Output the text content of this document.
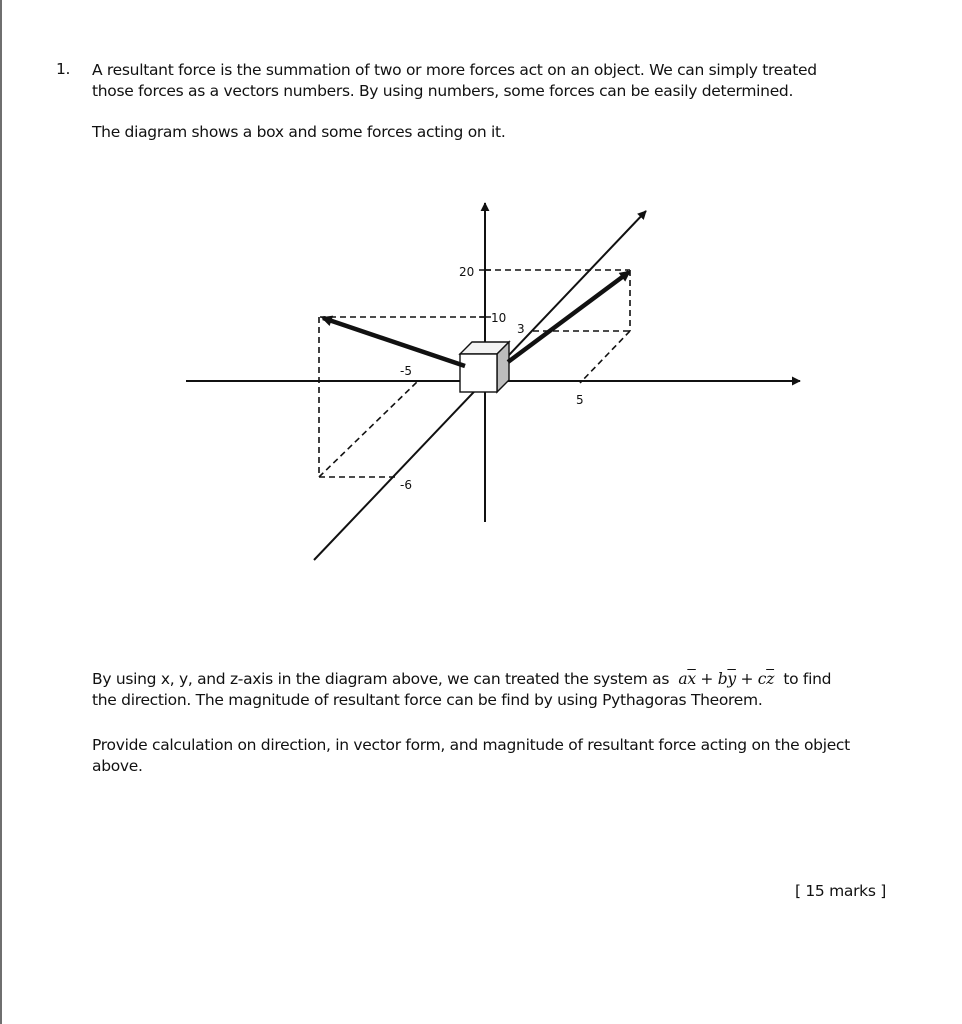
1. A resultant force is the summation of two or more forces act on an object. We can simply treated
those forces as a vectors numbers. By using numbers, some forces can be easily determined.

The diagram shows a box and some forces acting on it.

20
10
3
-5
5
-6

By using x, y, and z-axis in the diagram above, we can treated the system as $a\overline{x} + b\overline{y} + c\overline{z}$ to find
the direction. The magnitude of resultant force can be find by using Pythagoras Theorem.

Provide calculation on direction, in vector form, and magnitude of resultant force acting on the object above.

[ 15 marks ]
